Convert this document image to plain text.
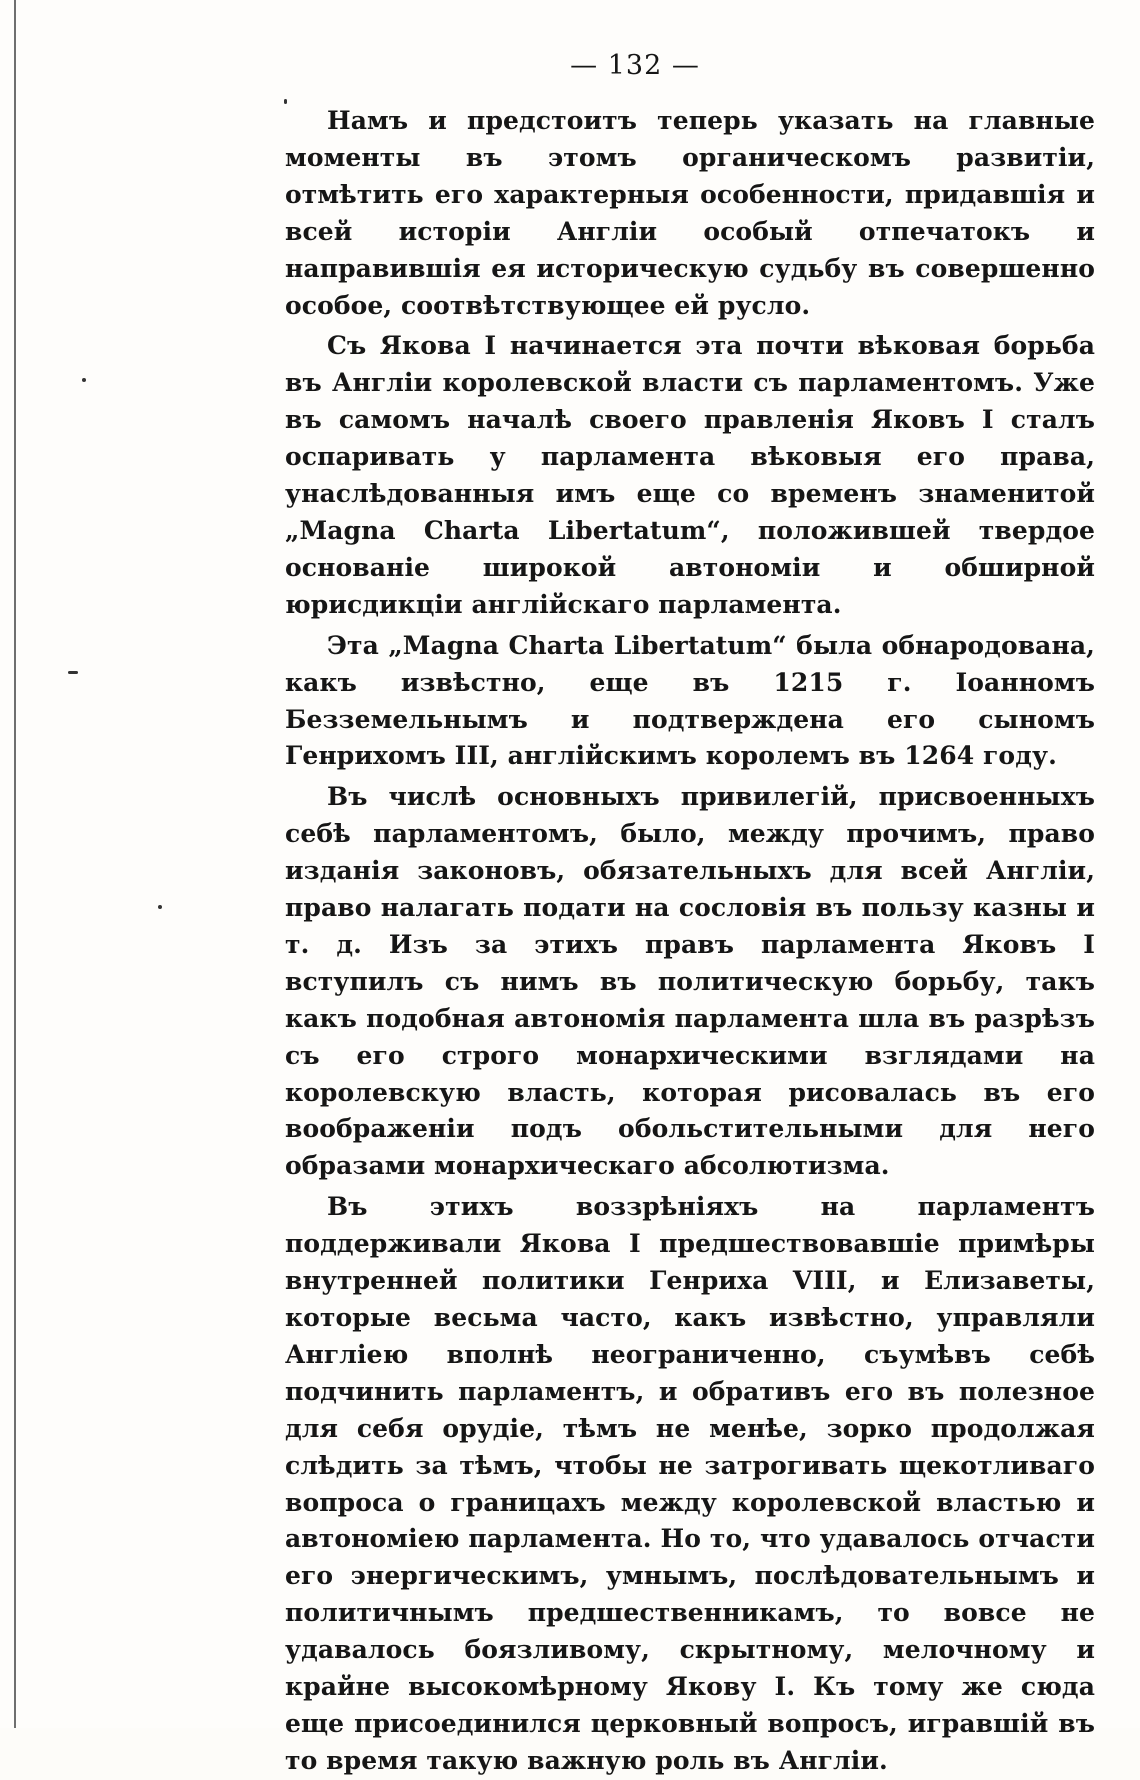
— 132 —

Намъ и предстоитъ теперь указать на главные моменты въ этомъ органическомъ развитіи, отмѣтить его характерныя особенности, придавшія и всей исторіи Англіи особый отпечатокъ и направившія ея историческую судьбу въ совершенно особое, соотвѣтствующее ей русло.

Съ Якова I начинается эта почти вѣковая борьба въ Англіи королевской власти съ парламентомъ. Уже въ самомъ началѣ своего правленія Яковъ I сталъ оспаривать у парламента вѣковыя его права, унаслѣдованныя имъ еще со временъ знаменитой „Magna Charta Libertatum“, положившей твердое основаніе широкой автономіи и обширной юрисдикціи англійскаго парламента.

Эта „Magna Charta Libertatum“ была обнародована, какъ извѣстно, еще въ 1215 г. Іоанномъ Безземельнымъ и подтверждена его сыномъ Генрихомъ III, англійскимъ королемъ въ 1264 году.

Въ числѣ основныхъ привилегій, присвоенныхъ себѣ парламентомъ, было, между прочимъ, право изданія законовъ, обязательныхъ для всей Англіи, право налагать подати на сословія въ пользу казны и т. д. Изъ за этихъ правъ парламента Яковъ I вступилъ съ нимъ въ политическую борьбу, такъ какъ подобная автономія парламента шла въ разрѣзъ съ его строго монархическими взглядами на королевскую власть, которая рисовалась въ его воображеніи подъ обольстительными для него образами монархическаго абсолютизма.

Въ этихъ воззрѣніяхъ на парламентъ поддерживали Якова I предшествовавшіе примѣры внутренней политики Генриха VIII, и Елизаветы, которые весьма часто, какъ извѣстно, управляли Англіею вполнѣ неограниченно, съумѣвъ себѣ подчинить парламентъ, и обративъ его въ полезное для себя орудіе, тѣмъ не менѣе, зорко продолжая слѣдить за тѣмъ, чтобы не затрогивать щекотливаго вопроса о границахъ между королевской властью и автономіею парламента. Но то, что удавалось отчасти его энергическимъ, умнымъ, послѣдовательнымъ и политичнымъ предшественникамъ, то вовсе не удавалось боязливому, скрытному, мелочному и крайне высокомѣрному Якову I. Къ тому же сюда еще присоединился церковный вопросъ, игравшій въ то время такую важную роль въ Англіи.
